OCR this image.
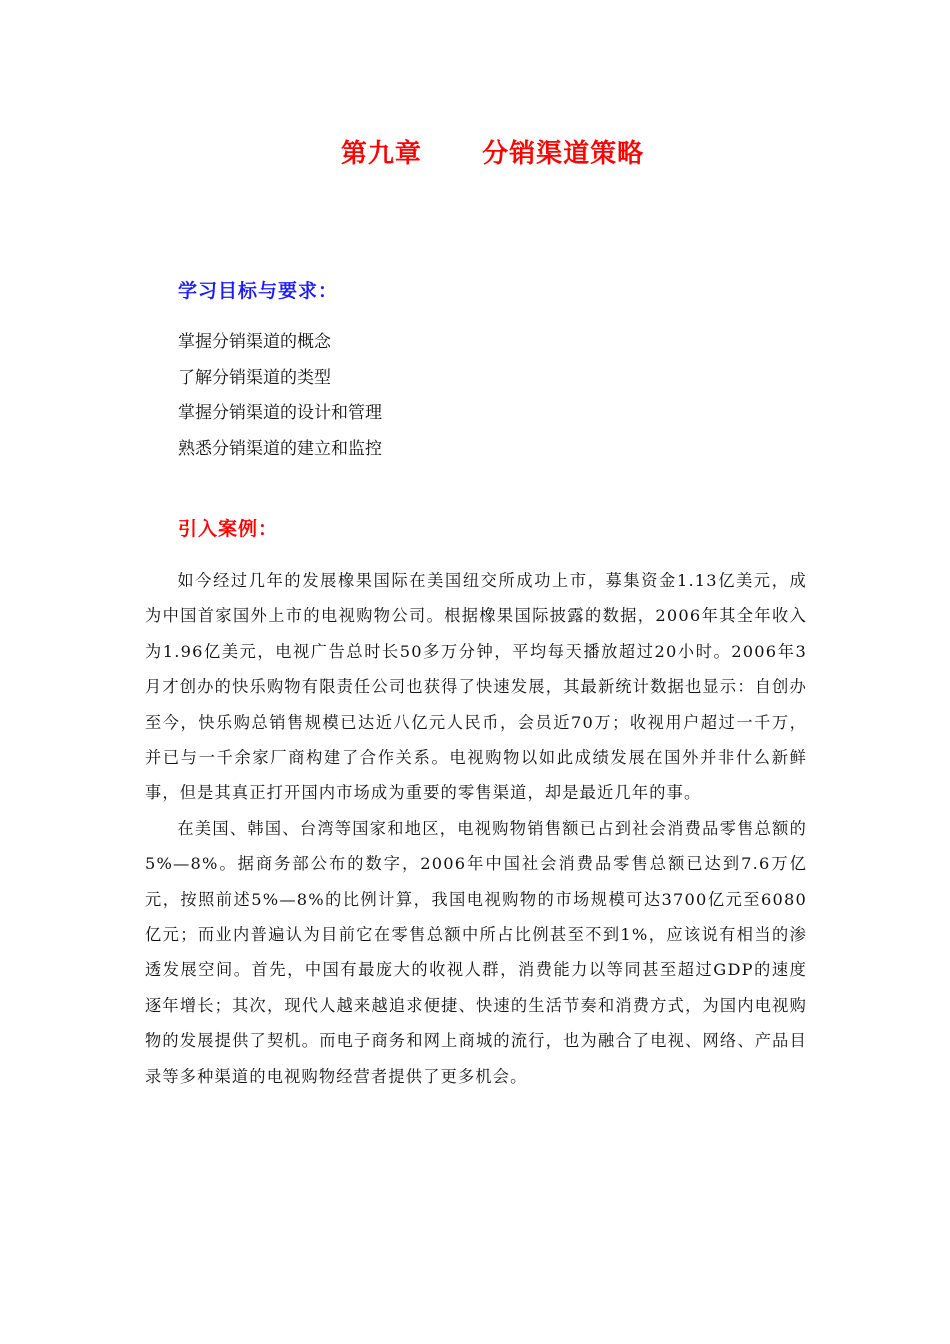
第九章      分销渠道策略
学习目标与要求：
掌握分销渠道的概念
了解分销渠道的类型
掌握分销渠道的设计和管理
熟悉分销渠道的建立和监控
引入案例：

如今经过几年的发展橡果国际在美国纽交所成功上市，募集资金1.13亿美元，成为中国首家国外上市的电视购物公司。根据橡果国际披露的数据，2006年其全年收入为1.96亿美元，电视广告总时长50多万分钟，平均每天播放超过20小时。2006年3月才创办的快乐购物有限责任公司也获得了快速发展，其最新统计数据也显示：自创办至今，快乐购总销售规模已达近八亿元人民币，会员近70万；收视用户超过一千万，并已与一千余家厂商构建了合作关系。电视购物以如此成绩发展在国外并非什么新鲜事，但是其真正打开国内市场成为重要的零售渠道，却是最近几年的事。

在美国、韩国、台湾等国家和地区，电视购物销售额已占到社会消费品零售总额的5%—8%。据商务部公布的数字，2006年中国社会消费品零售总额已达到7.6万亿元，按照前述5%—8%的比例计算，我国电视购物的市场规模可达3700亿元至6080亿元；而业内普遍认为目前它在零售总额中所占比例甚至不到1%，应该说有相当的渗透发展空间。首先，中国有最庞大的收视人群，消费能力以等同甚至超过GDP的速度逐年增长；其次，现代人越来越追求便捷、快速的生活节奏和消费方式，为国内电视购物的发展提供了契机。而电子商务和网上商城的流行，也为融合了电视、网络、产品目录等多种渠道的电视购物经营者提供了更多机会。
